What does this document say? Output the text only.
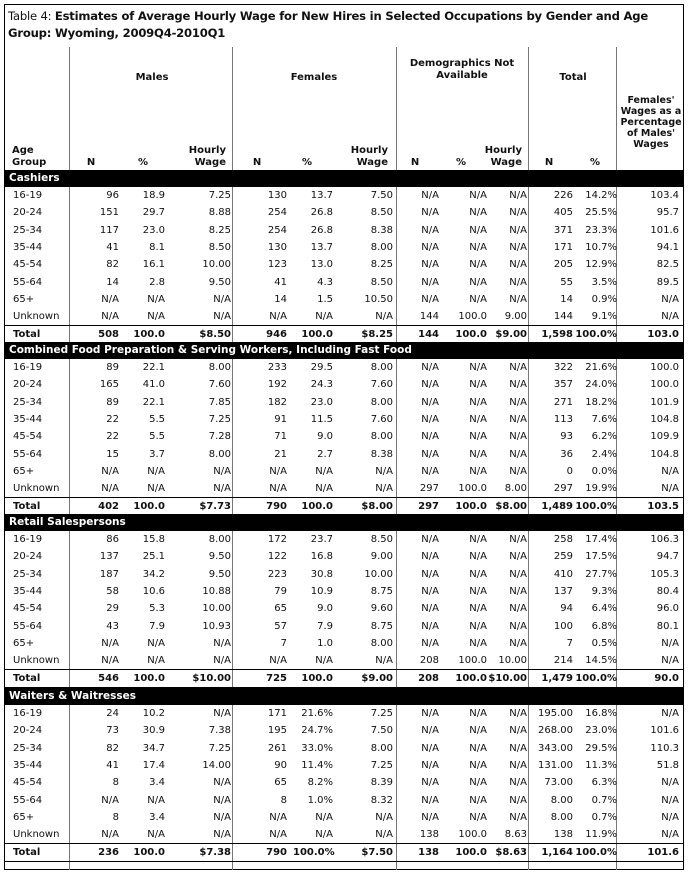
Table 4: Estimates of Average Hourly Wage for New Hires in Selected Occupations by Gender and Age Group: Wyoming, 2009Q4-2010Q1
Males	Females
Demographics Not Available	Total
Females' Wages as a Percentage of Males' Wages
Age Group	N	%
Hourly Wage	N	%
Hourly Wage	N	%
Hourly Wage	N	%
Cashiers
16-19	96	18.9	7.25	130	13.7	7.50	N/A	N/A	N/A	226	14.2%	103.4
20-24	151	29.7	8.88	254	26.8	8.50	N/A	N/A	N/A	405	25.5%	95.7
25-34	117	23.0	8.25	254	26.8	8.38	N/A	N/A	N/A	371	23.3%	101.6
35-44	41	8.1	8.50	130	13.7	8.00	N/A	N/A	N/A	171	10.7%	94.1
45-54	82	16.1	10.00	123	13.0	8.25	N/A	N/A	N/A	205	12.9%	82.5
55-64	14	2.8	9.50	41	4.3	8.50	N/A	N/A	N/A	55	3.5%	89.5
65+	N/A	N/A	N/A	14	1.5	10.50	N/A	N/A	N/A	14	0.9%	N/A
Unknown	N/A	N/A	N/A	N/A	N/A	N/A	144	100.0	9.00	144	9.1%	N/A
Total	508	100.0	$8.50	946	100.0	$8.25	144	100.0 $9.00	1,598 100.0%	103.0
Combined Food Preparation & Serving Workers, Including Fast Food
16-19	89	22.1	8.00	233	29.5	8.00	N/A	N/A	N/A	322	21.6%	100.0
20-24	165	41.0	7.60	192	24.3	7.60	N/A	N/A	N/A	357	24.0%	100.0
25-34	89	22.1	7.85	182	23.0	8.00	N/A	N/A	N/A	271	18.2%	101.9
35-44	22	5.5	7.25	91	11.5	7.60	N/A	N/A	N/A	113	7.6%	104.8
45-54	22	5.5	7.28	71	9.0	8.00	N/A	N/A	N/A	93	6.2%	109.9
55-64	15	3.7	8.00	21	2.7	8.38	N/A	N/A	N/A	36	2.4%	104.8
65+	N/A	N/A	N/A	N/A	N/A	N/A	N/A	N/A	N/A	0	0.0%	N/A
Unknown	N/A	N/A	N/A	N/A	N/A	N/A	297	100.0	8.00	297	19.9%	N/A
Total	402	100.0	$7.73	790	100.0	$8.00	297	100.0 $8.00	1,489 100.0%	103.5
Retail Salespersons
16-19	86	15.8	8.00	172	23.7	8.50	N/A	N/A	N/A	258	17.4%	106.3
20-24	137	25.1	9.50	122	16.8	9.00	N/A	N/A	N/A	259	17.5%	94.7
25-34	187	34.2	9.50	223	30.8	10.00	N/A	N/A	N/A	410	27.7%	105.3
35-44	58	10.6	10.88	79	10.9	8.75	N/A	N/A	N/A	137	9.3%	80.4
45-54	29	5.3	10.00	65	9.0	9.60	N/A	N/A	N/A	94	6.4%	96.0
55-64	43	7.9	10.93	57	7.9	8.75	N/A	N/A	N/A	100	6.8%	80.1
65+	N/A	N/A	N/A	7	1.0	8.00	N/A	N/A	N/A	7	0.5%	N/A
Unknown	N/A	N/A	N/A	N/A	N/A	N/A	208	100.0	10.00	214	14.5%	N/A
Total	546	100.0	$10.00	725	100.0	$9.00	208	100.0 $10.00	1,479 100.0%	90.0
Waiters & Waitresses
16-19	24	10.2	N/A	171	21.6%	7.25	N/A	N/A	N/A	195.00	16.8%	N/A
20-24	73	30.9	7.38	195	24.7%	7.50	N/A	N/A	N/A	268.00	23.0%	101.6
25-34	82	34.7	7.25	261	33.0%	8.00	N/A	N/A	N/A	343.00	29.5%	110.3
35-44	41	17.4	14.00	90	11.4%	7.25	N/A	N/A	N/A	131.00	11.3%	51.8
45-54	8	3.4	N/A	65	8.2%	8.39	N/A	N/A	N/A	73.00	6.3%	N/A
55-64	N/A	N/A	N/A	8	1.0%	8.32	N/A	N/A	N/A	8.00	0.7%	N/A
65+	8	3.4	N/A	N/A	N/A	N/A	N/A	N/A	N/A	8.00	0.7%	N/A
Unknown	N/A	N/A	N/A	N/A	N/A	N/A	138	100.0	8.63	138	11.9%	N/A
Total	236	100.0	$7.38	790 100.0%	$7.50	138	100.0 $8.63	1,164 100.0%	101.6
